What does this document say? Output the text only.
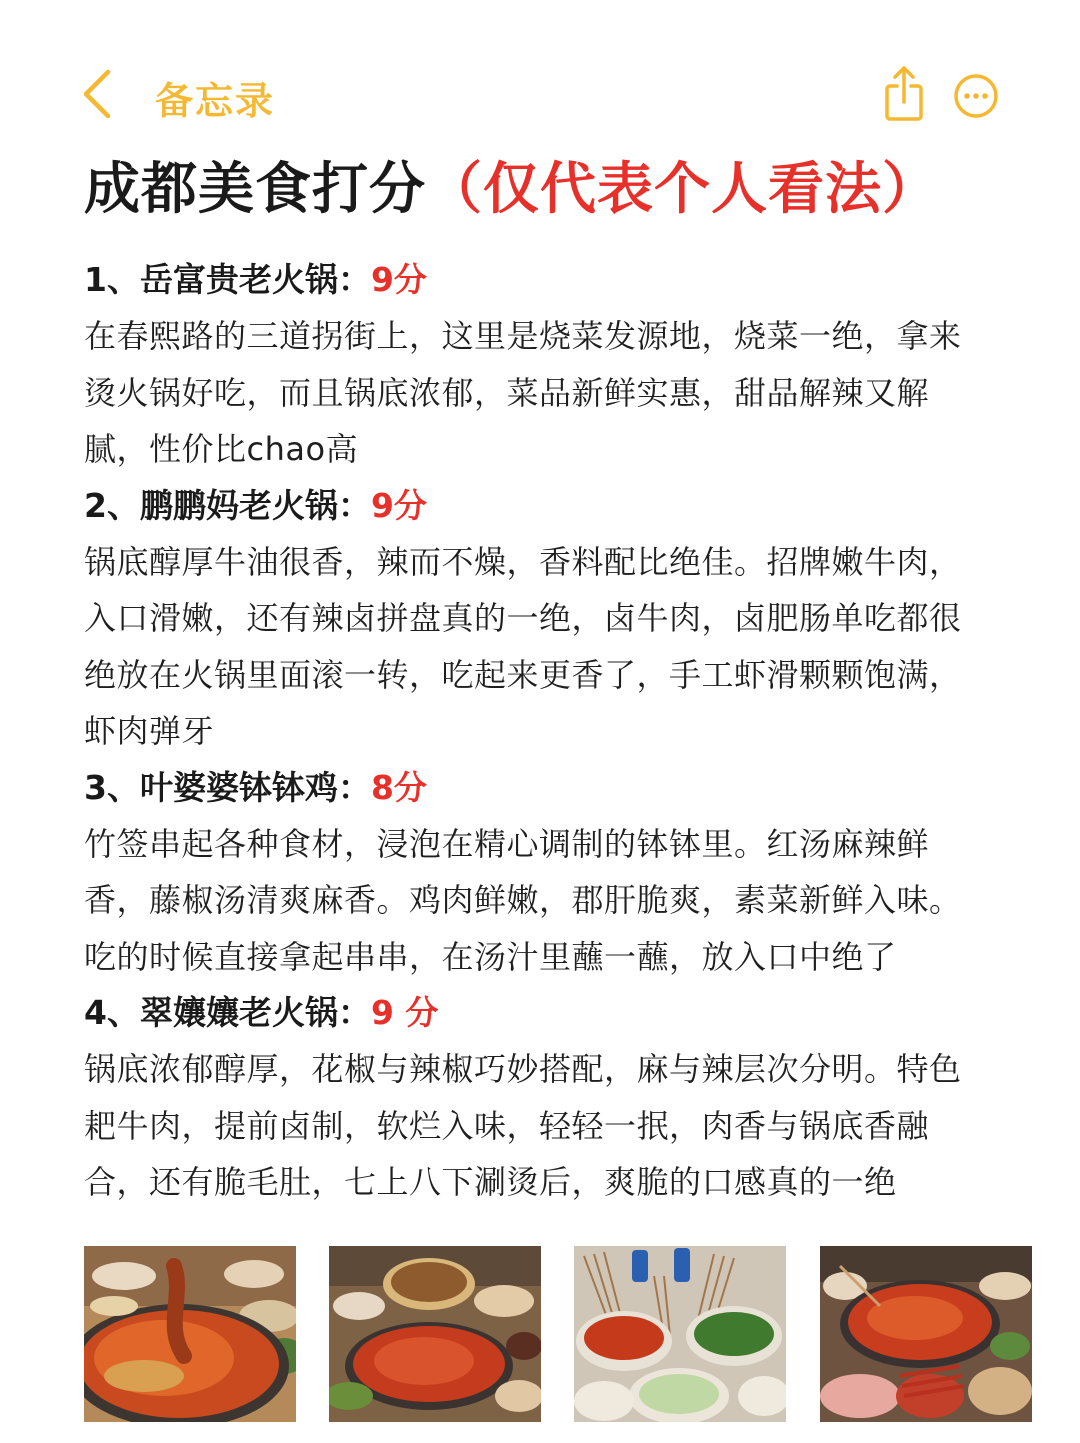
备忘录
成都美食打分（仅代表个人看法）
1、岳富贵老火锅：9分
在春熙路的三道拐街上，这里是烧菜发源地，烧菜一绝，拿来
烫火锅好吃，而且锅底浓郁，菜品新鲜实惠，甜品解辣又解
腻，性价比chao高
2、鹏鹏妈老火锅：9分
锅底醇厚牛油很香，辣而不燥，香料配比绝佳。招牌嫩牛肉，
入口滑嫩，还有辣卤拼盘真的一绝，卤牛肉，卤肥肠单吃都很
绝放在火锅里面滚一转，吃起来更香了，手工虾滑颗颗饱满，
虾肉弹牙
3、叶婆婆钵钵鸡：8分
竹签串起各种食材，浸泡在精心调制的钵钵里。红汤麻辣鲜
香，藤椒汤清爽麻香。鸡肉鲜嫩，郡肝脆爽，素菜新鲜入味。
吃的时候直接拿起串串，在汤汁里蘸一蘸，放入口中绝了
4、翠孃孃老火锅：9 分
锅底浓郁醇厚，花椒与辣椒巧妙搭配，麻与辣层次分明。特色
耙牛肉，提前卤制，软烂入味，轻轻一抿，肉香与锅底香融
合，还有脆毛肚，七上八下涮烫后，爽脆的口感真的一绝
